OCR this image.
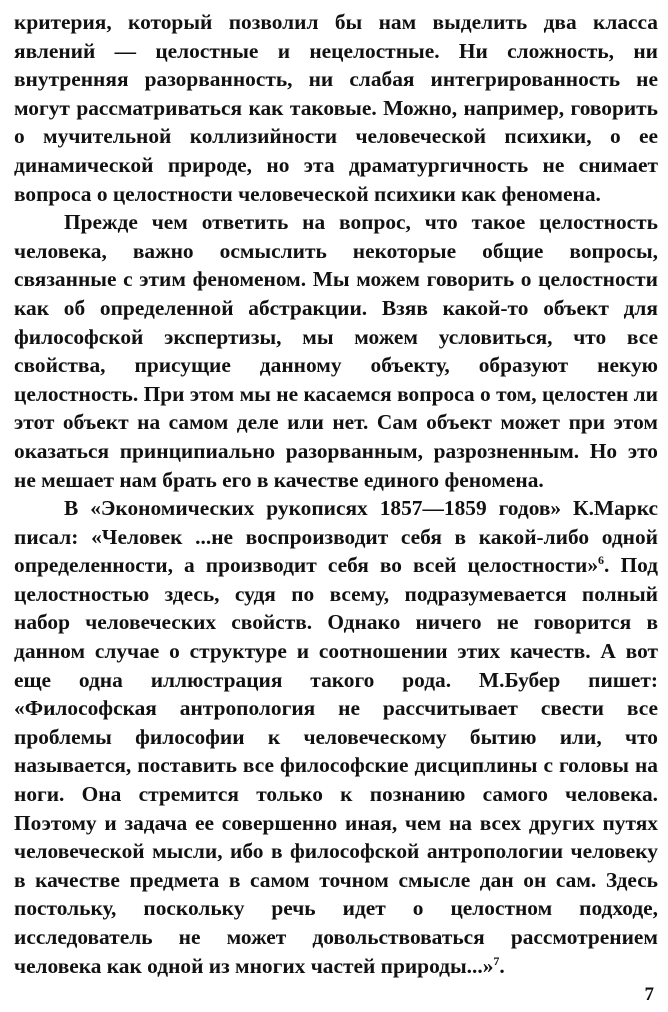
критерия, который позволил бы нам выделить два класса явлений — целостные и нецелостные. Ни сложность, ни внутренняя разорванность, ни слабая интегрированность не могут рассматриваться как таковые. Можно, например, говорить о мучительной коллизийности человеческой психики, о ее динамической природе, но эта драматургичность не снимает вопроса о целостности человеческой психики как феномена.

Прежде чем ответить на вопрос, что такое целостность человека, важно осмыслить некоторые общие вопросы, связанные с этим феноменом. Мы можем говорить о целостности как об определенной абстракции. Взяв какой-то объект для философской экспертизы, мы можем условиться, что все свойства, присущие данному объекту, образуют некую целостность. При этом мы не касаемся вопроса о том, целостен ли этот объект на самом деле или нет. Сам объект может при этом оказаться принципиально разорванным, разрозненным. Но это не мешает нам брать его в качестве единого феномена.

В «Экономических рукописях 1857—1859 годов» К.Маркс писал: «Человек ...не воспроизводит себя в какой-либо одной определенности, а производит себя во всей целостности»$^6$. Под целостностью здесь, судя по всему, подразумевается полный набор человеческих свойств. Однако ничего не говорится в данном случае о структуре и соотношении этих качеств. А вот еще одна иллюстрация такого рода. М.Бубер пишет: «Философская антропология не рассчитывает свести все проблемы философии к человеческому бытию или, что называется, поставить все философские дисциплины с головы на ноги. Она стремится только к познанию самого человека. Поэтому и задача ее совершенно иная, чем на всех других путях человеческой мысли, ибо в философской антропологии человеку в качестве предмета в самом точном смысле дан он сам. Здесь постольку, поскольку речь идет о целостном подходе, исследователь не может довольствоваться рассмотрением человека как одной из многих частей природы...»$^7$.

7
